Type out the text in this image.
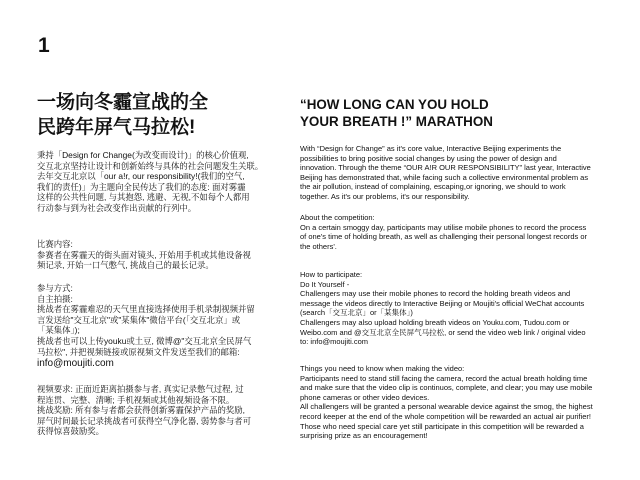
1
一场向冬霾宣战的全
民跨年屏气马拉松!

秉持「Design for Change(为改变而设计)」的核心价值观,

交互北京坚持让设计和创新始终与具体的社会问题发生关联。

去年交互北京以「our a!r, our responsibility!(我们的空气,

我们的责任)」为主题向全民传达了我们的态度: 面对雾霾

这样的公共性问题, 与其抱怨, 逃避、无视,不如每个人都用

行动参与到为社会改变作出贡献的行列中。

比赛内容:

参赛者在雾霾天的街头面对镜头, 开始用手机或其他设备视

频记录, 开始一口气憋气, 挑战自己的最长记录。

参与方式:

自主拍摄:

挑战者在雾霾难忍的天气里直接选择使用手机录制视频并留

言发送给"交互北京"或"某集体"微信平台(「交互北京」或

「某集体」);

挑战者也可以上传youku或土豆, 微博@"交互北京全民屏气

马拉松", 并把视频链接或原视频文件发送至我们的邮箱:

info@moujiti.com

视频要求: 正面近距离拍摄参与者, 真实记录憋气过程, 过

程连贯、完整、清晰; 手机视频或其他视频设备不限。

挑战奖励: 所有参与者都会获得创新雾霾保护产品的奖励,

屏气时间最长记录挑战者可获得空气净化器, 弱势参与者可

获得惊喜鼓励奖。

“HOW LONG CAN YOU HOLD
YOUR BREATH !” MARATHON

With “Design for Change” as it's core value, Interactive Beijing experiments the

possibilities to bring positive social changes by using the power of design and

innovation. Through the theme “OUR A!R OUR RESPONSIBILITY” last year, Interactive

Beijing has demonstrated that, while facing such a collective environmental problem as

the air pollution, instead of complaining, escaping,or ignoring, we should to work

together. As it's our problems, it's our responsibility.

About the competition:

On a certain smoggy day, participants may utilise mobile phones to record the process

of one's time of holding breath, as well as challenging their personal longest records or

the others'.

How to participate:

Do It Yourself -

Challengers may use their mobile phones to record the holding breath videos and

message the videos directly to Interactive Beijing or Moujiti's official WeChat accounts

(search「交互北京」or「某集体」)

Challengers may also upload holding breath videos on Youku.com, Tudou.com or

Weibo.com and @交互北京全民屏气马拉松, or send the video web link / original video

to: info@moujiti.com

Things you need to know when making the video:

Participants need to stand still facing the camera, record the actual breath holding time

and make sure that the video clip is continuos, complete, and clear; you may use mobile

phone cameras or other video devices.

All challengers will be granted a personal wearable device against the smog, the highest

record keeper at the end of the whole competition will be rewarded an actual air purifier!

Those who need special care yet still participate in this competition will be rewarded a

surprising prize as an encouragement!
